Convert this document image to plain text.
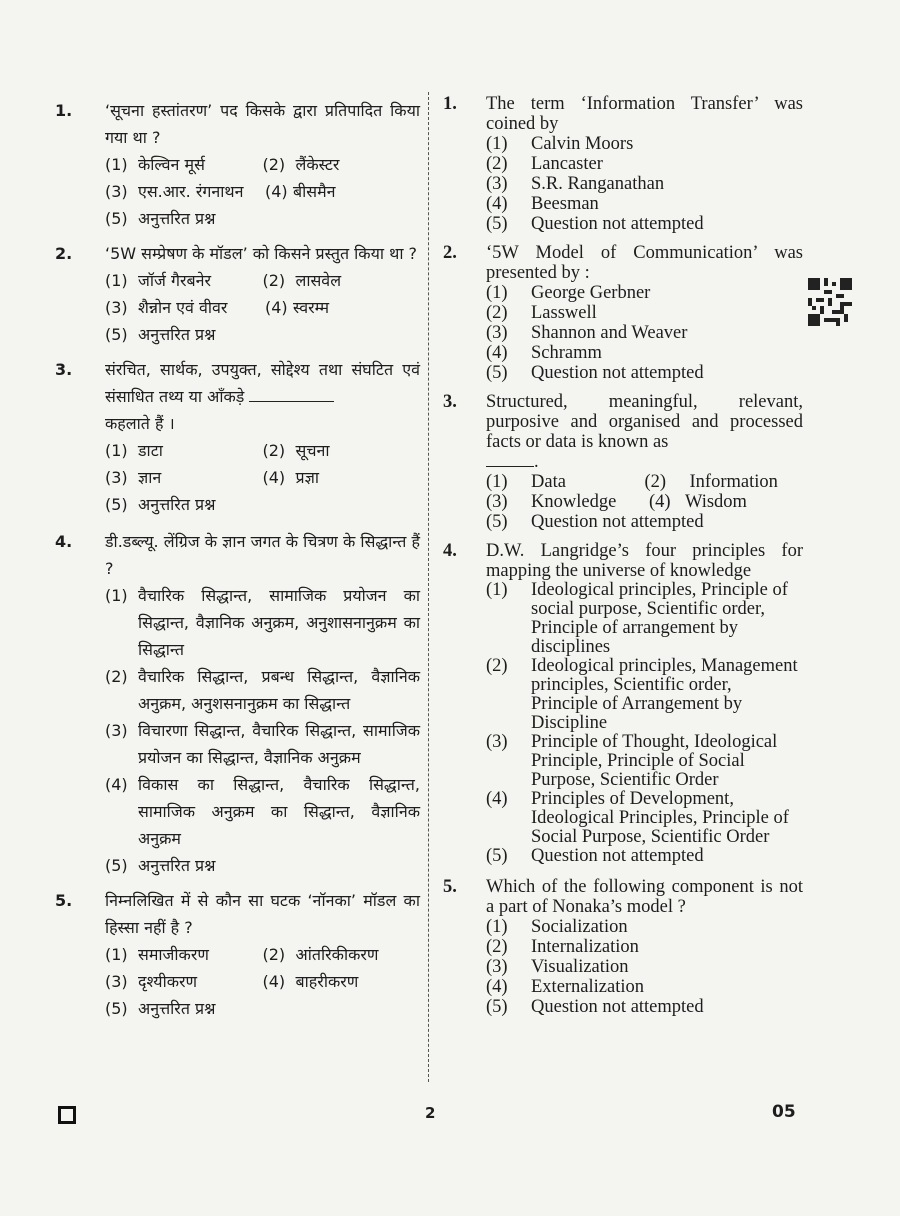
1. ‘सूचना हस्तांतरण’ पद किसके द्वारा प्रतिपादित किया गया था ?
(1) केल्विन मूर्स	(2) लैंकेस्टर
(3) एस.आर. रंगनाथन	(4) बीसमैन
(5) अनुत्तरित प्रश्न
2. ‘5W सम्प्रेषण के मॉडल’ को किसने प्रस्तुत किया था ?
(1) जॉर्ज गैरबनेर	(2) लासवेल
(3) शैन्नोन एवं वीवर	(4) स्वरम्म
(5) अनुत्तरित प्रश्न
3. संरचित, सार्थक, उपयुक्त, सोद्देश्य तथा संघटित एवं संसाधित तथ्य या आँकड़े
कहलाते हैं ।
(1) डाटा	(2) सूचना
(3) ज्ञान	(4) प्रज्ञा
(5) अनुत्तरित प्रश्न
4. डी.डब्ल्यू. लेंग्रिज के ज्ञान जगत के चित्रण के सिद्धान्त हैं ?
(1) वैचारिक सिद्धान्त, सामाजिक प्रयोजन का सिद्धान्त, वैज्ञानिक अनुक्रम, अनुशासनानुक्रम का सिद्धान्त
(2) वैचारिक सिद्धान्त, प्रबन्ध सिद्धान्त, वैज्ञानिक अनुक्रम, अनुशसनानुक्रम का सिद्धान्त
(3) विचारणा सिद्धान्त, वैचारिक सिद्धान्त, सामाजिक प्रयोजन का सिद्धान्त, वैज्ञानिक अनुक्रम
(4) विकास का सिद्धान्त, वैचारिक सिद्धान्त, सामाजिक अनुक्रम का सिद्धान्त, वैज्ञानिक अनुक्रम
(5) अनुत्तरित प्रश्न
5. निम्नलिखित में से कौन सा घटक ‘नॉनका’ मॉडल का हिस्सा नहीं है ?
(1) समाजीकरण	(2) आंतरिकीकरण
(3) दृश्यीकरण	(4) बाहरीकरण
(5) अनुत्तरित प्रश्न
1. The term ‘Information Transfer’ was coined by
(1) Calvin Moors
(2) Lancaster
(3) S.R. Ranganathan
(4) Beesman
(5) Question not attempted
2. ‘5W Model of Communication’ was presented by :
(1) George Gerbner
(2) Lasswell
(3) Shannon and Weaver
(4) Schramm
(5) Question not attempted
3. Structured, meaningful, relevant, purposive and organised and processed facts or data is known as
.
(1) Data	(2) Information
(3) Knowledge	(4) Wisdom
(5) Question not attempted
4. D.W. Langridge’s four principles for mapping the universe of knowledge
(1) Ideological principles, Principle of social purpose, Scientific order, Principle of arrangement by disciplines
(2) Ideological principles, Management principles, Scientific order, Principle of Arrangement by Discipline
(3) Principle of Thought, Ideological Principle, Principle of Social Purpose, Scientific Order
(4) Principles of Development, Ideological Principles, Principle of Social Purpose, Scientific Order
(5) Question not attempted
5. Which of the following component is not a part of Nonaka’s model ?
(1) Socialization
(2) Internalization
(3) Visualization
(4) Externalization
(5) Question not attempted
2	05
